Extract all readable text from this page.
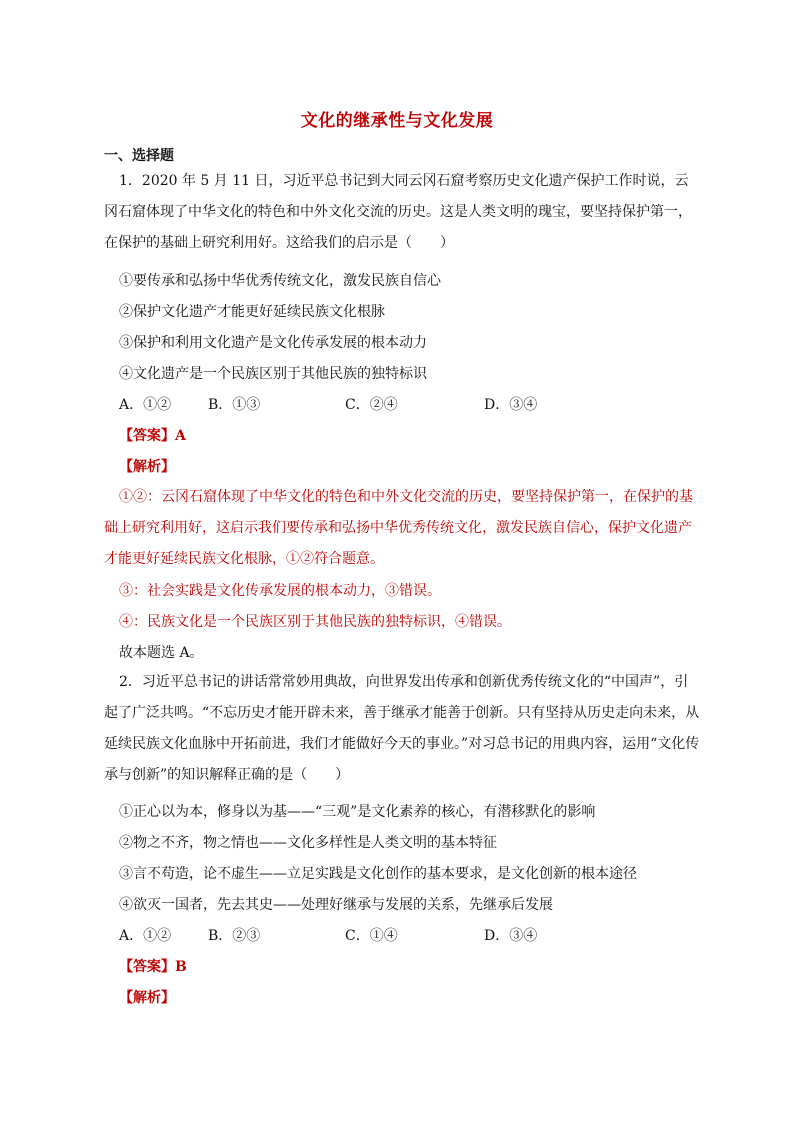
文化的继承性与文化发展
一、选择题
1．2020 年 5 月 11 日，习近平总书记到大同云冈石窟考察历史文化遗产保护工作时说，云冈石窟体现了中华文化的特色和中外文化交流的历史。这是人类文明的瑰宝，要坚持保护第一，在保护的基础上研究利用好。这给我们的启示是（　　）
①要传承和弘扬中华优秀传统文化，激发民族自信心
②保护文化遗产才能更好延续民族文化根脉
③保护和利用文化遗产是文化传承发展的根本动力
④文化遗产是一个民族区别于其他民族的独特标识
A．①②	B．①③	C．②④	D．③④
【答案】A
【解析】
①②：云冈石窟体现了中华文化的特色和中外文化交流的历史，要坚持保护第一，在保护的基础上研究利用好，这启示我们要传承和弘扬中华优秀传统文化，激发民族自信心，保护文化遗产才能更好延续民族文化根脉，①②符合题意。
③：社会实践是文化传承发展的根本动力，③错误。
④：民族文化是一个民族区别于其他民族的独特标识，④错误。
故本题选 A。
2．习近平总书记的讲话常常妙用典故，向世界发出传承和创新优秀传统文化的“中国声”，引起了广泛共鸣。“不忘历史才能开辟未来，善于继承才能善于创新。只有坚持从历史走向未来，从延续民族文化血脉中开拓前进，我们才能做好今天的事业。”对习总书记的用典内容，运用“文化传承与创新”的知识解释正确的是（　　）
①正心以为本，修身以为基——“三观”是文化素养的核心，有潜移默化的影响
②物之不齐，物之情也——文化多样性是人类文明的基本特征
③言不苟造，论不虚生——立足实践是文化创作的基本要求，是文化创新的根本途径
④欲灭一国者，先去其史——处理好继承与发展的关系，先继承后发展
A．①②	B．②③	C．①④	D．③④
【答案】B
【解析】
